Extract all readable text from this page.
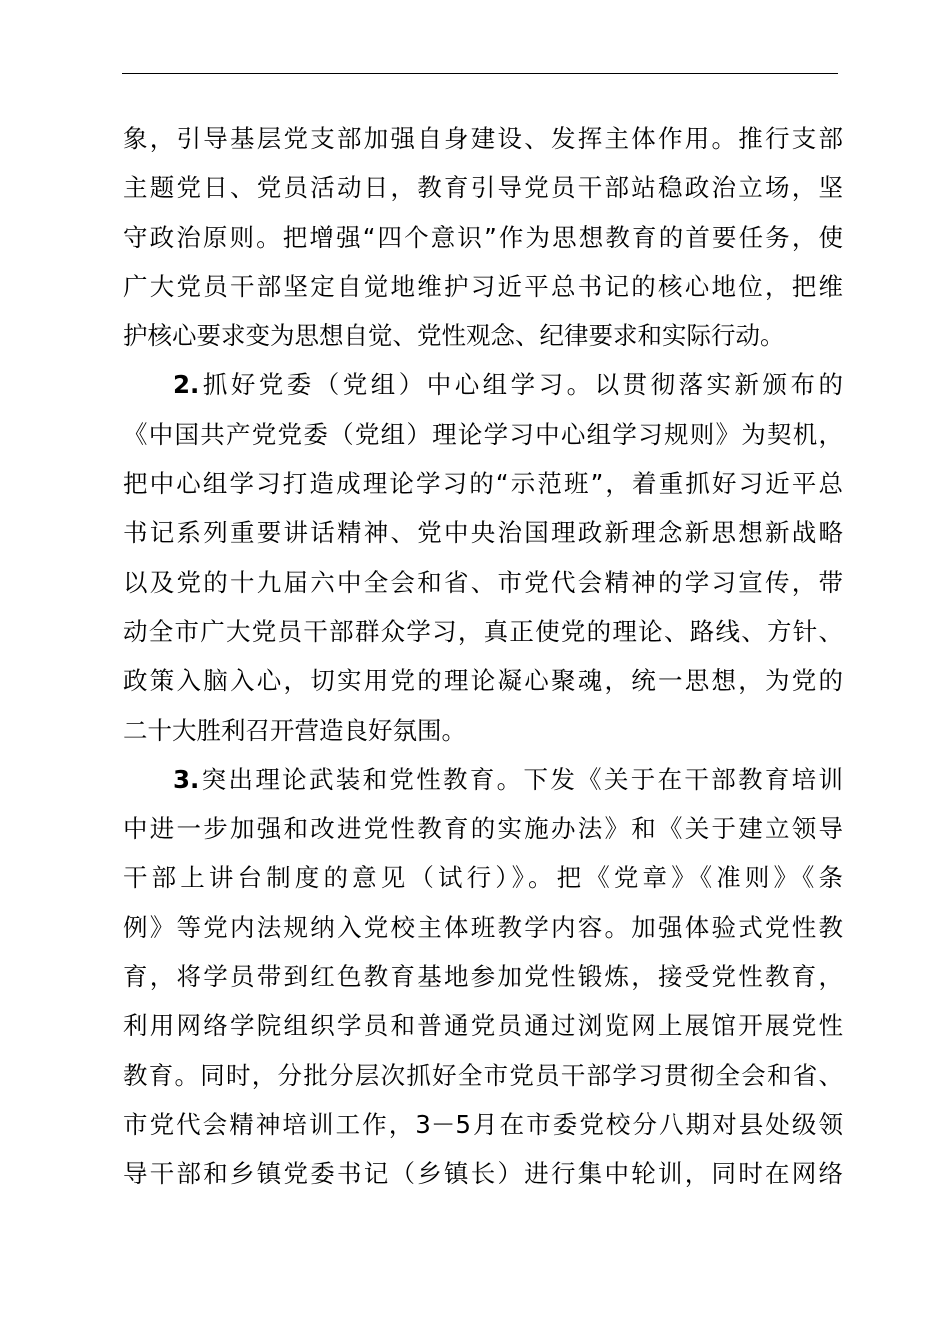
象，引导基层党支部加强自身建设、发挥主体作用。推行支部
主题党日、党员活动日，教育引导党员干部站稳政治立场，坚
守政治原则。把增强“四个意识”作为思想教育的首要任务，使
广大党员干部坚定自觉地维护习近平总书记的核心地位，把维
护核心要求变为思想自觉、党性观念、纪律要求和实际行动。
2.抓好党委（党组）中心组学习。以贯彻落实新颁布的
《中国共产党党委（党组）理论学习中心组学习规则》为契机，
把中心组学习打造成理论学习的“示范班”，着重抓好习近平总
书记系列重要讲话精神、党中央治国理政新理念新思想新战略
以及党的十九届六中全会和省、市党代会精神的学习宣传，带
动全市广大党员干部群众学习，真正使党的理论、路线、方针、
政策入脑入心，切实用党的理论凝心聚魂，统一思想，为党的
二十大胜利召开营造良好氛围。
3.突出理论武装和党性教育。下发《关于在干部教育培训
中进一步加强和改进党性教育的实施办法》和《关于建立领导
干部上讲台制度的意见（试行）》。把《党章》《准则》《条
例》等党内法规纳入党校主体班教学内容。加强体验式党性教
育，将学员带到红色教育基地参加党性锻炼，接受党性教育，
利用网络学院组织学员和普通党员通过浏览网上展馆开展党性
教育。同时，分批分层次抓好全市党员干部学习贯彻全会和省、
市党代会精神培训工作，3－5月在市委党校分八期对县处级领
导干部和乡镇党委书记（乡镇长）进行集中轮训，同时在网络
